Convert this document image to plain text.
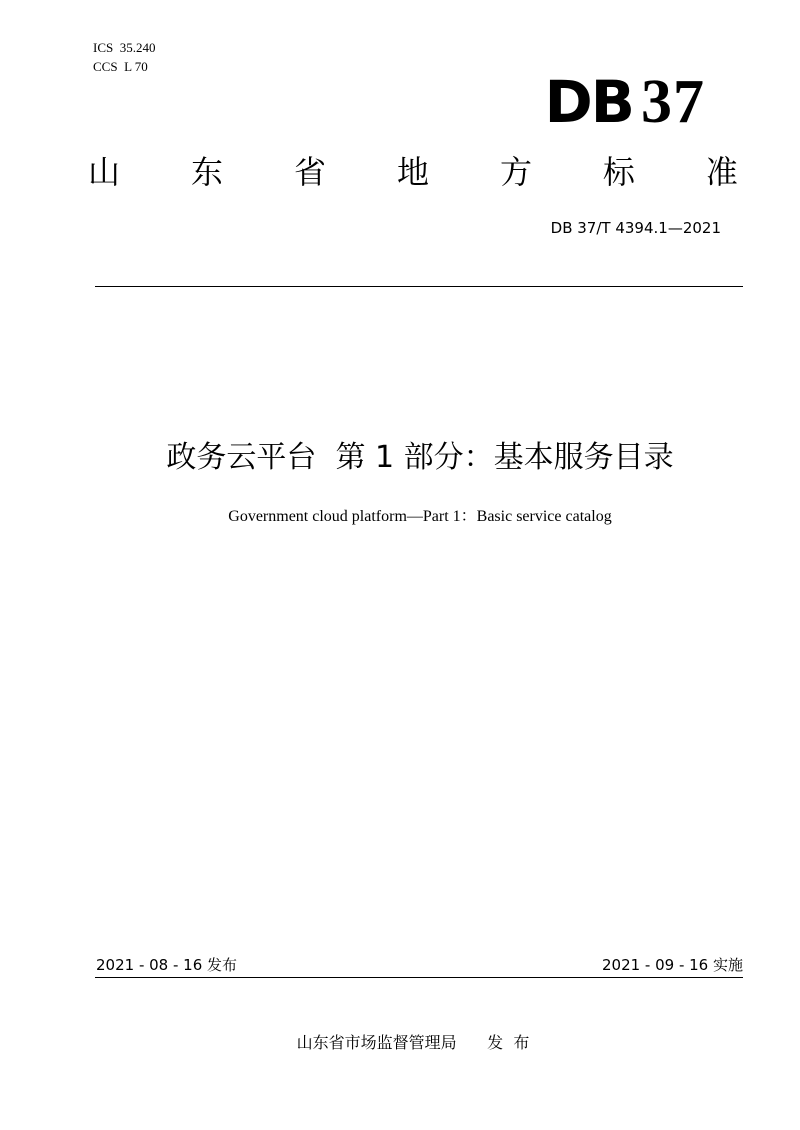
ICS  35.240
CCS  L 70
DB 37
山 东 省 地 方 标 准
DB 37/T 4394.1—2021
政务云平台  第 1 部分：基本服务目录
Government cloud platform—Part 1：Basic service catalog
2021 - 08 - 16 发布	2021 - 09 - 16 实施
山东省市场监督管理局      发  布
